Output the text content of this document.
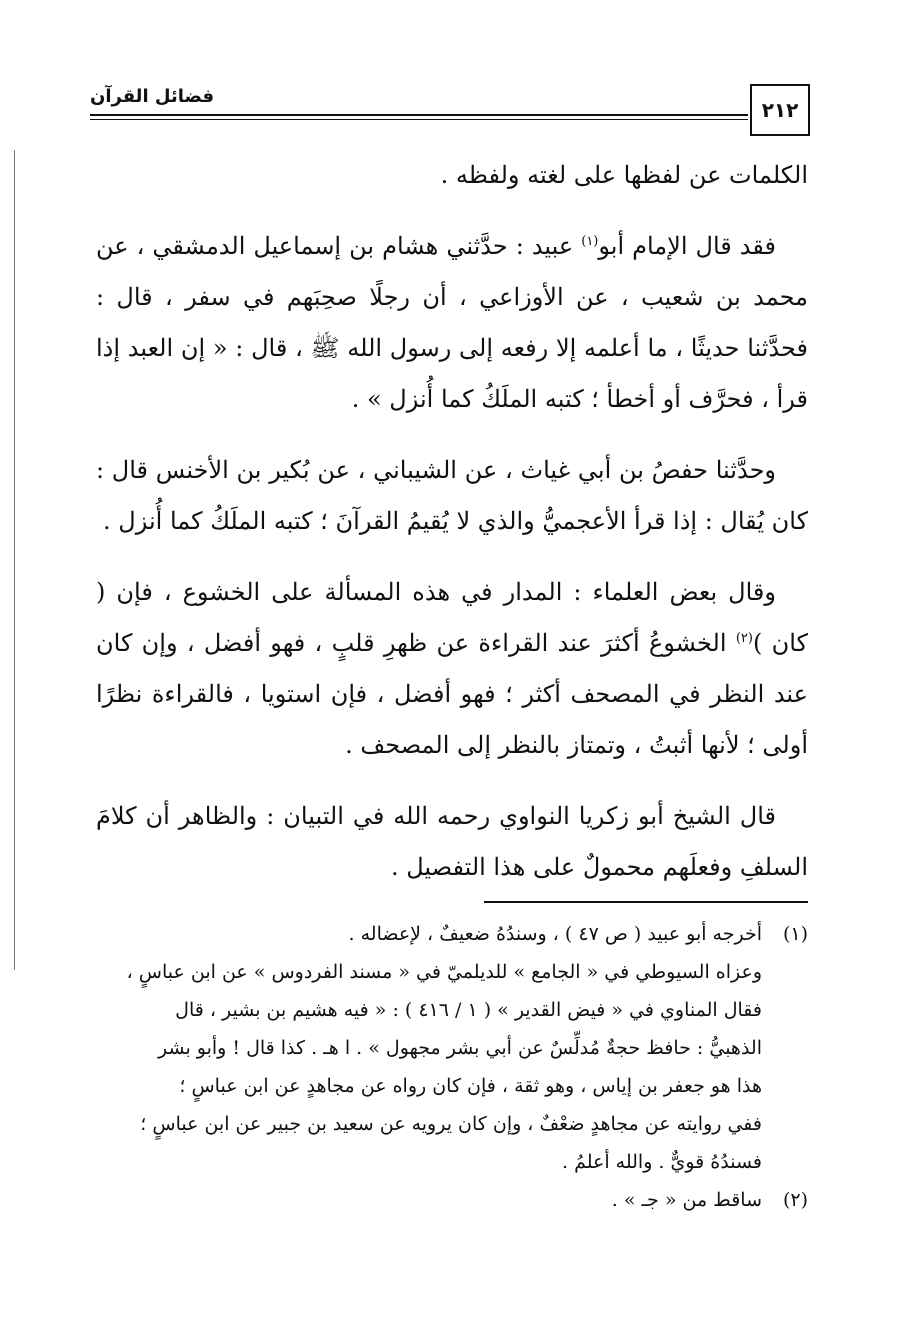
٢١٢
فضائل القرآن

الكلمات عن لفظها على لغته ولفظه .

فقد قال الإمام أبو$^{(١)}$ عبيد : حدَّثني هشام بن إسماعيل الدمشقي ، عن محمد بن شعيب ، عن الأوزاعي ، أن رجلًا صحِبَهم في سفر ، قال : فحدَّثنا حديثًا ، ما أعلمه إلا رفعه إلى رسول الله ﷺ ، قال : « إن العبد إذا قرأ ، فحرَّف أو أخطأ ؛ كتبه الملَكُ كما أُنزل » .

وحدَّثنا حفصُ بن أبي غياث ، عن الشيباني ، عن بُكير بن الأخنس قال : كان يُقال : إذا قرأ الأعجميُّ والذي لا يُقيمُ القرآنَ ؛ كتبه الملَكُ كما أُنزل .

وقال بعض العلماء : المدار في هذه المسألة على الخشوع ، فإن ( كان )$^{(٢)}$ الخشوعُ أكثرَ عند القراءة عن ظهرِ قلبٍ ، فهو أفضل ، وإن كان عند النظر في المصحف أكثر ؛ فهو أفضل ، فإن استويا ، فالقراءة نظرًا أولى ؛ لأنها أثبتُ ، وتمتاز بالنظر إلى المصحف .

قال الشيخ أبو زكريا النواوي رحمه الله في التبيان : والظاهر أن كلامَ السلفِ وفعلَهم محمولٌ على هذا التفصيل .

(١)
أخرجه أبو عبيد ( ص ٤٧ ) ، وسندُهُ ضعيفٌ ، لإعضاله .
وعزاه السيوطي في « الجامع » للديلميّ في « مسند الفردوس » عن ابن عباسٍ ،
فقال المناوي في « فيض القدير » ( ١ / ٤١٦ ) : « فيه هشيم بن بشير ، قال
الذهبيُّ : حافظ حجةٌ مُدلِّسٌ عن أبي بشر مجهول » . ا هـ . كذا قال ! وأبو بشر
هذا هو جعفر بن إياس ، وهو ثقة ، فإن كان رواه عن مجاهدٍ عن ابن عباسٍ ؛
ففي روايته عن مجاهدٍ ضعْفٌ ، وإن كان يرويه عن سعيد بن جبير عن ابن عباسٍ ؛
فسندُهُ قويٌّ . والله أعلمُ .
(٢)
ساقط من « جـ » .
